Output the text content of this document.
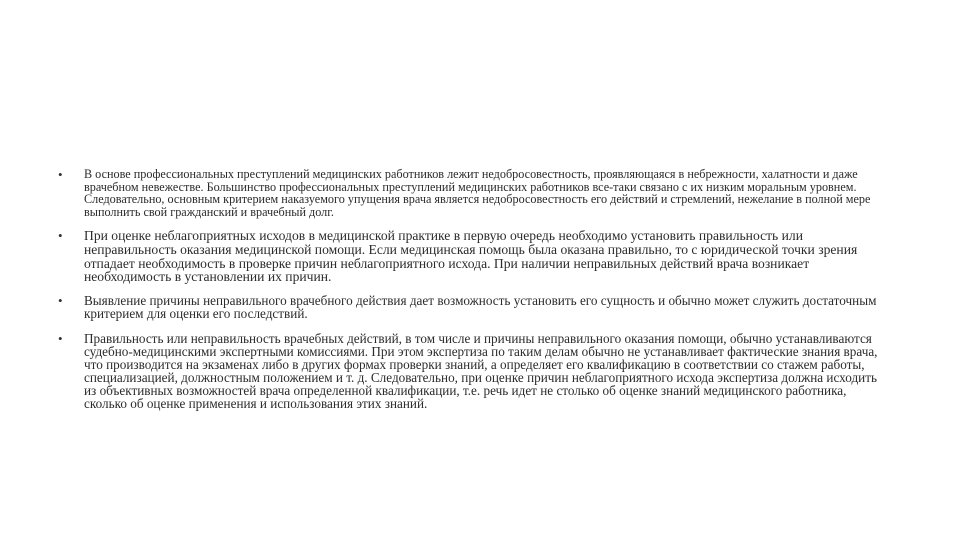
• В основе профессиональных преступлений медицинских работников лежит недобросовестность, проявляющаяся в небрежности, халатности и даже врачебном невежестве. Большинство профессиональных преступлений медицинских работников все-таки связано с их низким моральным уровнем. Следовательно, основным критерием наказуемого упущения врача является недобросовестность его действий и стремлений, нежелание в полной мере выполнить свой гражданский и врачебный долг.
• При оценке неблагоприятных исходов в медицинской практике в первую очередь необходимо установить правильность или неправильность оказания медицинской помощи. Если медицинская помощь была оказана правильно, то с юридической точки зрения отпадает необходимость в проверке причин неблагоприятного исхода. При наличии неправильных действий врача возникает необходимость в установлении их причин.
• Выявление причины неправильного врачебного действия дает возможность установить его сущность и обычно может служить достаточным критерием для оценки его последствий.
• Правильность или неправильность врачебных действий, в том числе и причины неправильного оказания помощи, обычно устанавливаются судебно-медицинскими экспертными комиссиями. При этом экспертиза по таким делам обычно не устанавливает фактические знания врача, что производится на экзаменах либо в других формах проверки знаний, а определяет его квалификацию в соответствии со стажем работы, специализацией, должностным положением и т. д. Следовательно, при оценке причин неблагоприятного исхода экспертиза должна исходить из объективных возможностей врача определенной квалификации, т.е. речь идет не столько об оценке знаний медицинского работника, сколько об оценке применения и использования этих знаний.
